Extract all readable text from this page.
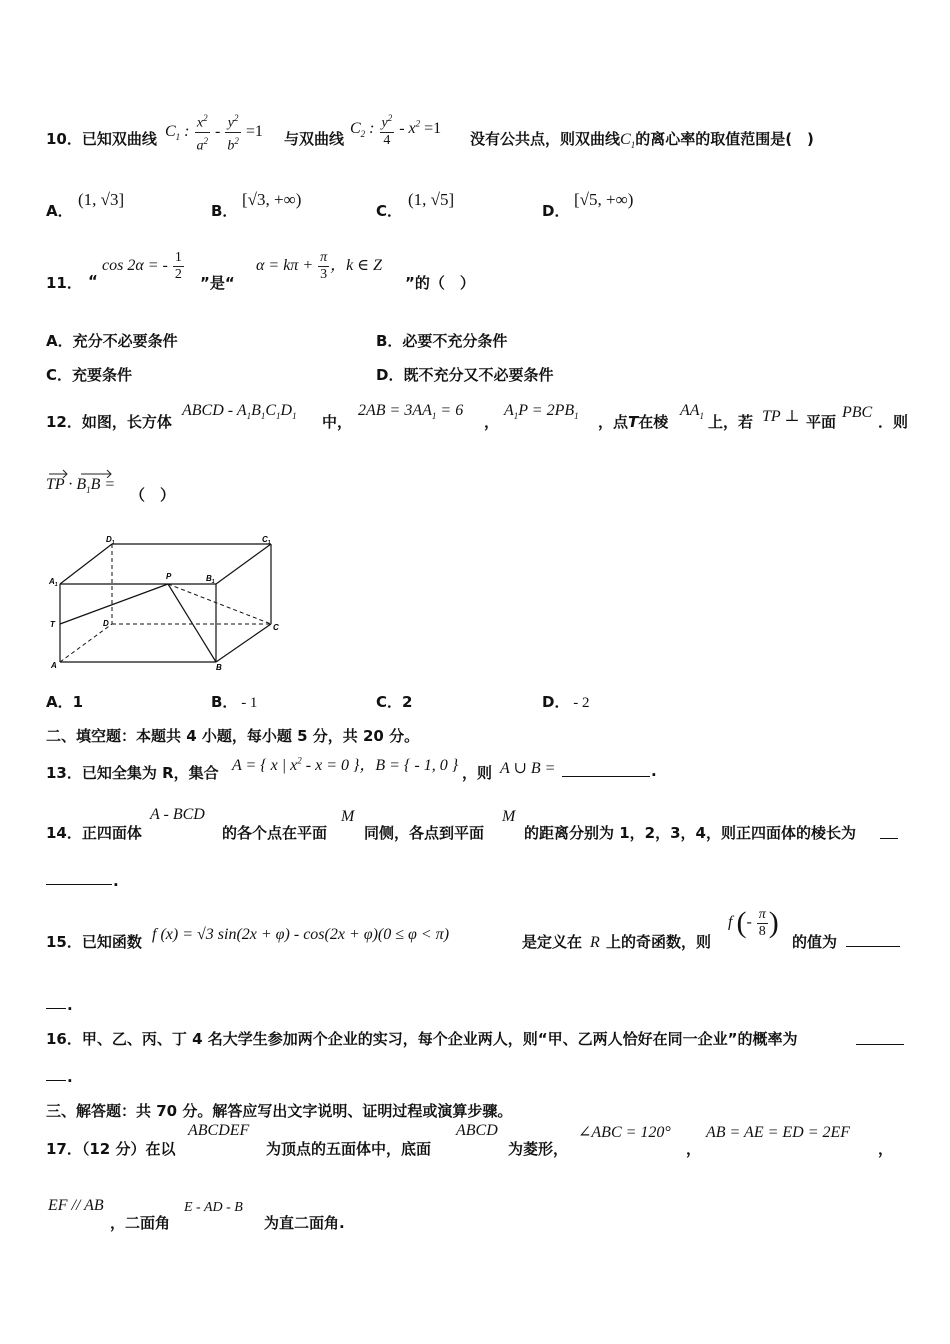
10．已知双曲线 $C_1$ : $\frac{x^2}{a^2} - \frac{y^2}{b^2} =1$ 与双曲线
$C_2$ : $\frac{y^2}{4} - x^2 =1$
没有公共点，则双曲线$C_1$的离心率的取值范围是(　)
A．
(1, √3]
B．
[√3, +∞)
C．
(1, √5]
D．
[√5, +∞)
11． “
cos 2α = - $\frac{1}{2}$ ”是“
$\alpha = k\pi + \frac{\pi}{3}$ ，k ∈ Z
”的（　）
A．充分不必要条件	B．必要不充分条件
C．充要条件	D．既不充分又不必要条件
12．如图，长方体
ABCD - $A_1B_1C_1D_1$ 中，
$2AB = 3AA_1 = 6$
，
$A_1P = 2PB_1$ ，点T在棱
$AA_1$ 上，若 TP ⊥ 平面
PBC
．则
TP · $B_1B$ =
（　）
$D_1$	$C_1$
$A_1$
P	$B_1$
T	D	C
A	B
A．1	B． - 1	C．2	D． - 2
二、填空题：本题共 4 小题，每小题 5 分，共 20 分。
13．已知全集为 R，集合 A = { x | $x^2 - x = 0$ }，B = { - 1, 0 } ，则 A ∪ B =	.
14．正四面体
A - BCD
的各个点在平面
M
同侧，各点到平面
M
的距离分别为 1，2，3，4，则正四面体的棱长为
.
15．已知函数 f (x) = √3 sin(2x + φ) - cos(2x + φ)(0 ≤ φ < π)	是定义在 R 上的奇函数，则
f (- $\frac{\pi}{8}$ )
的值为
.
16．甲、乙、丙、丁 4 名大学生参加两个企业的实习，每个企业两人，则“甲、乙两人恰好在同一企业”的概率为
.
三、解答题：共 70 分。解答应写出文字说明、证明过程或演算步骤。
17．（12 分）在以
ABCDEF
为顶点的五面体中，底面
ABCD
为菱形，
∠ABC = 120°
，
AB = AE = ED = 2EF
，
EF // AB
，二面角
E - AD - B
为直二面角.
